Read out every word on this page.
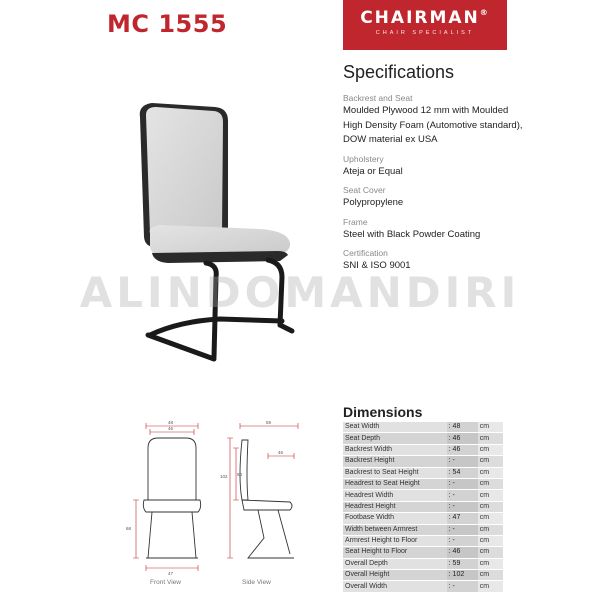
MC 1555	CHAIRMAN®
CHAIR SPECIALIST
Specifications
Backrest and Seat
Moulded Plywood 12 mm with Moulded
High Density Foam (Automotive standard),
DOW material ex USA
Upholstery
Ateja or Equal
Seat Cover
Polypropylene
Frame
Steel with Black Powder Coating
Certification
SNI & ISO 9001
ALINDOMANDIRI
48
46
47
68
59
102 54
46
Front View	Side View
Dimensions
Seat Width	: 48	cm
Seat Depth	: 46	cm
Backrest Width	: 46	cm
Backrest Height	: -	cm
Backrest to Seat Height	: 54	cm
Headrest to Seat Height	: -	cm
Headrest Width	: -	cm
Headrest Height	: -	cm
Footbase Width	: 47	cm
Width between Armrest	: -	cm
Armrest Height to Floor	: -	cm
Seat Height to Floor	: 46	cm
Overall Depth	: 59	cm
Overall Height	: 102	cm
Overall Width	: -	cm
